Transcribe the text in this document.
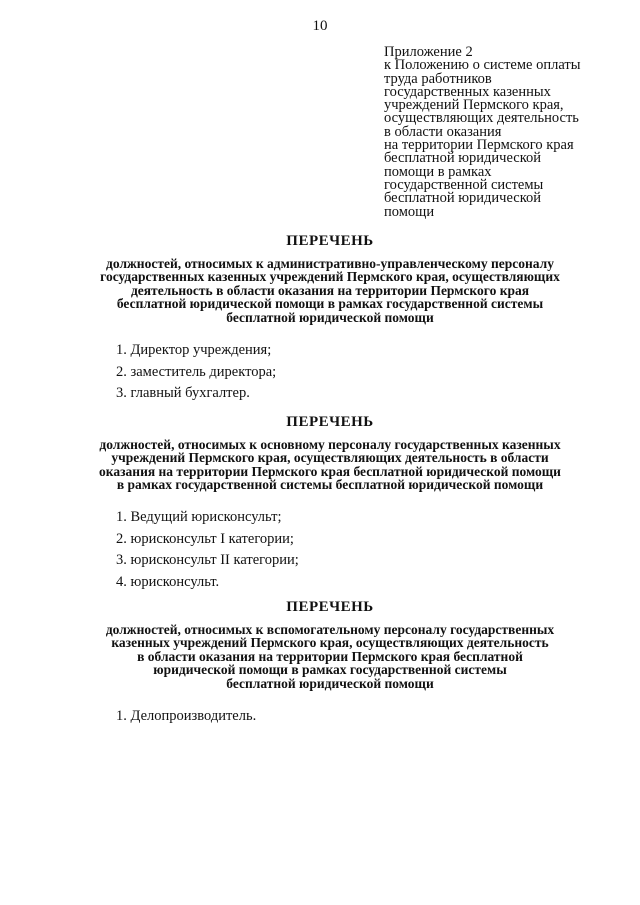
10
Приложение 2
к Положению о системе оплаты
труда работников
государственных казенных
учреждений Пермского края,
осуществляющих деятельность
в области оказания
на территории Пермского края
бесплатной юридической
помощи в рамках
государственной системы
бесплатной юридической
помощи
ПЕРЕЧЕНЬ
должностей, относимых к административно-управленческому персоналу
государственных казенных учреждений Пермского края, осуществляющих
деятельность в области оказания на территории Пермского края
бесплатной юридической помощи в рамках государственной системы
бесплатной юридической помощи
1. Директор учреждения;
2. заместитель директора;
3. главный бухгалтер.
ПЕРЕЧЕНЬ
должностей, относимых к основному персоналу государственных казенных
учреждений Пермского края, осуществляющих деятельность в области
оказания на территории Пермского края бесплатной юридической помощи
в рамках государственной системы бесплатной юридической помощи
1. Ведущий юрисконсульт;
2. юрисконсульт I категории;
3. юрисконсульт II категории;
4. юрисконсульт.
ПЕРЕЧЕНЬ
должностей, относимых к вспомогательному персоналу государственных
казенных учреждений Пермского края, осуществляющих деятельность
в области оказания на территории Пермского края бесплатной
юридической помощи в рамках государственной системы
бесплатной юридической помощи
1. Делопроизводитель.
